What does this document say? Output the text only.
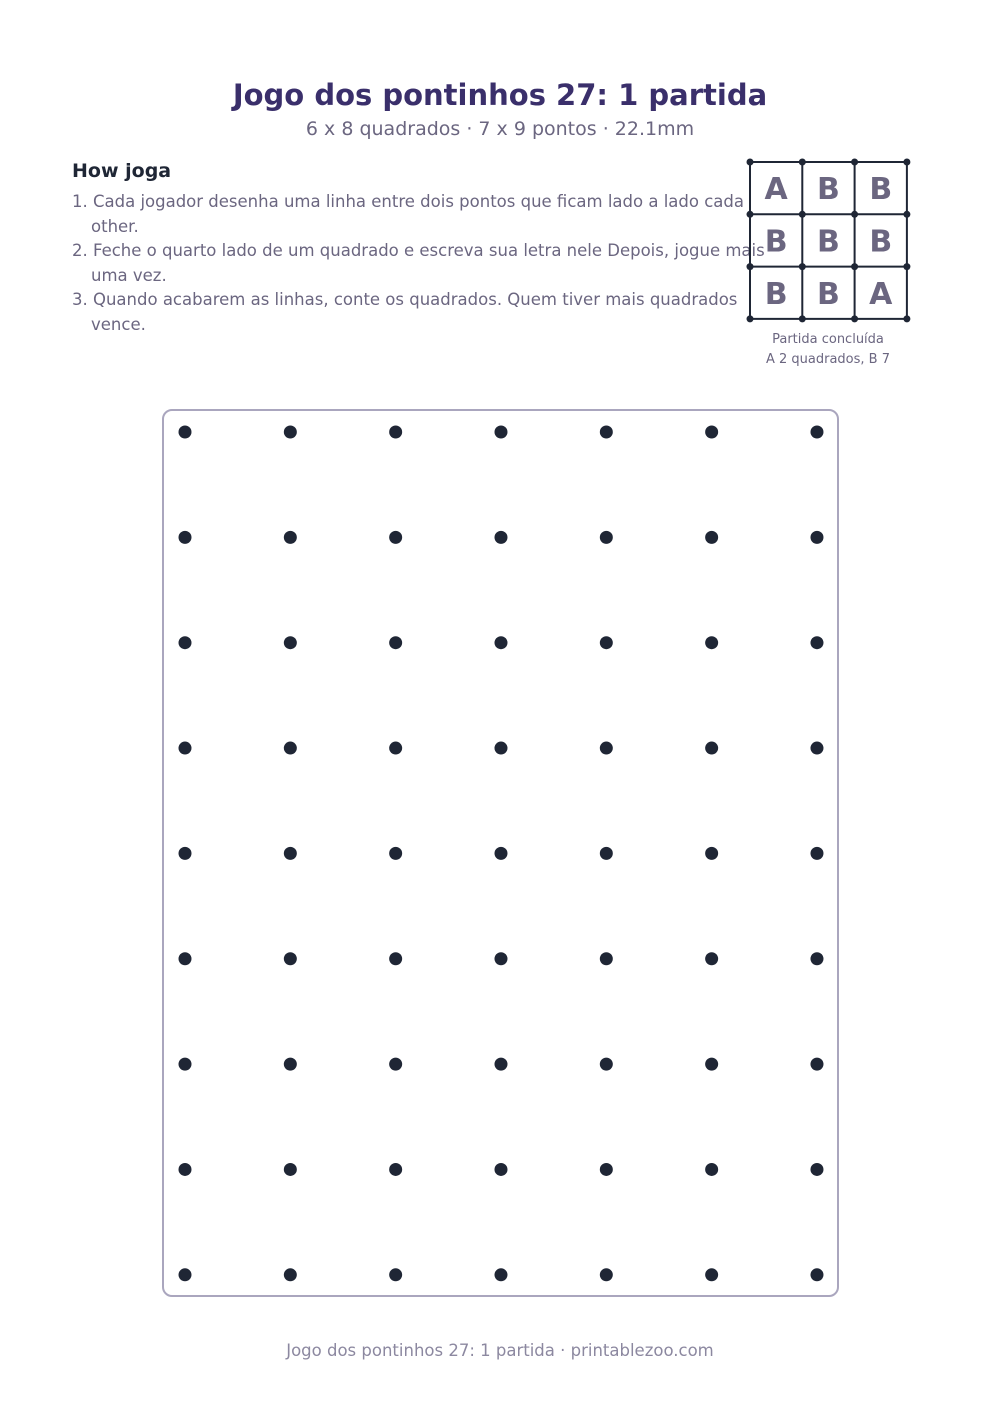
Jogo dos pontinhos 27: 1 partida
6 x 8 quadrados · 7 x 9 pontos · 22.1mm
How joga
1. Cada jogador desenha uma linha entre dois pontos que ficam lado a lado cada other.
2. Feche o quarto lado de um quadrado e escreva sua letra nele Depois, jogue mais uma vez.
3. Quando acabarem as linhas, conte os quadrados. Quem tiver mais quadrados vence.
A B B
B B B
B B A
Partida concluída
A 2 quadrados, B 7
Jogo dos pontinhos 27: 1 partida · printablezoo.com
